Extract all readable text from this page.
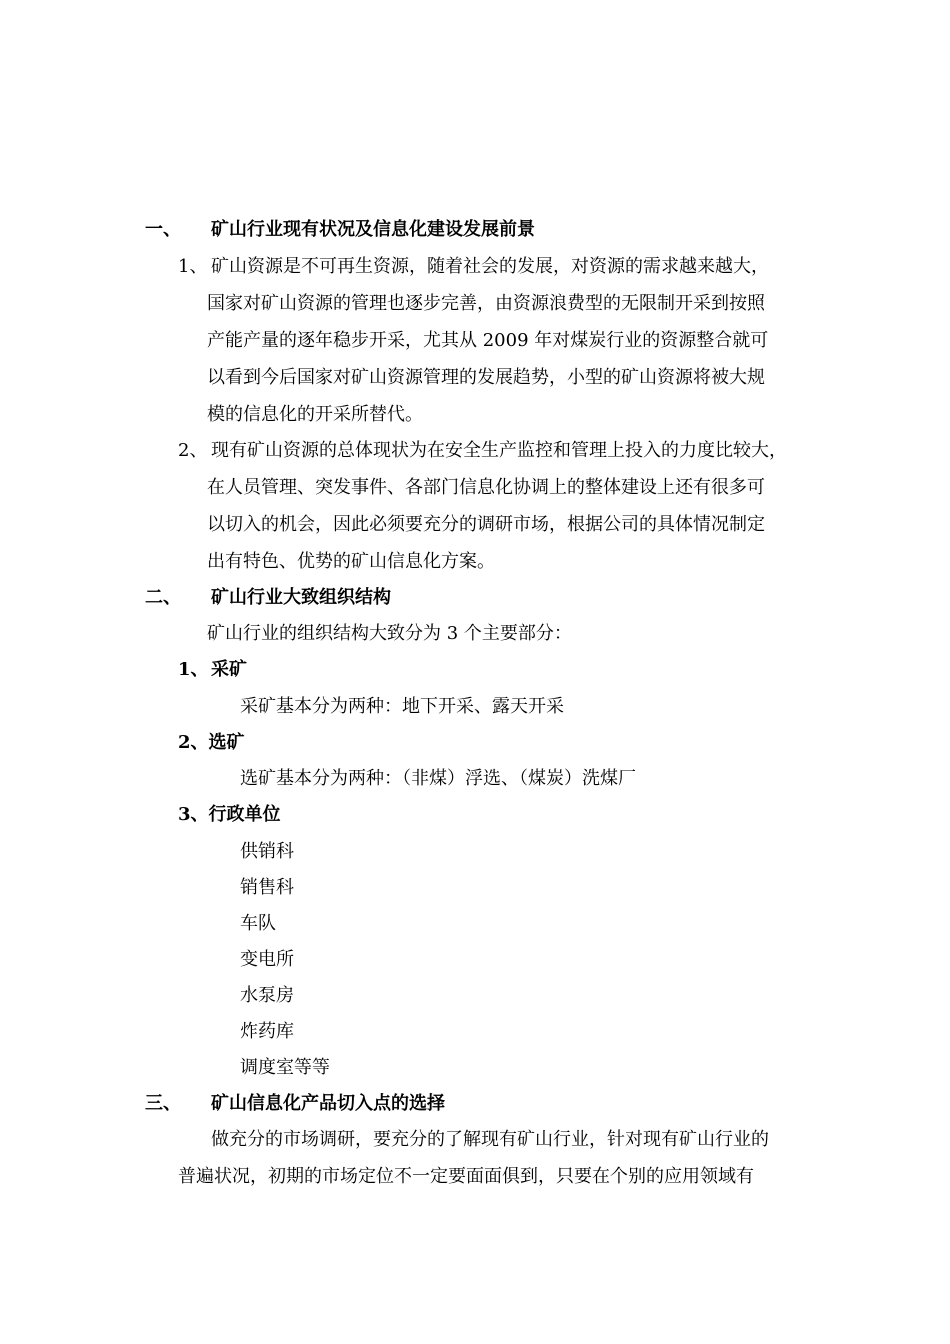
一、 矿山行业现有状况及信息化建设发展前景
1、 矿山资源是不可再生资源，随着社会的发展，对资源的需求越来越大，
国家对矿山资源的管理也逐步完善，由资源浪费型的无限制开采到按照
产能产量的逐年稳步开采，尤其从 2009 年对煤炭行业的资源整合就可
以看到今后国家对矿山资源管理的发展趋势，小型的矿山资源将被大规
模的信息化的开采所替代。
2、 现有矿山资源的总体现状为在安全生产监控和管理上投入的力度比较大，
在人员管理、突发事件、各部门信息化协调上的整体建设上还有很多可
以切入的机会，因此必须要充分的调研市场，根据公司的具体情况制定
出有特色、优势的矿山信息化方案。
二、 矿山行业大致组织结构
矿山行业的组织结构大致分为 3 个主要部分：
1、 采矿
采矿基本分为两种：地下开采、露天开采
2、选矿
选矿基本分为两种：（非煤）浮选、（煤炭）洗煤厂
3、行政单位
供销科
销售科
车队
变电所
水泵房
炸药库
调度室等等
三、 矿山信息化产品切入点的选择
做充分的市场调研，要充分的了解现有矿山行业，针对现有矿山行业的
普遍状况，初期的市场定位不一定要面面俱到，只要在个别的应用领域有
